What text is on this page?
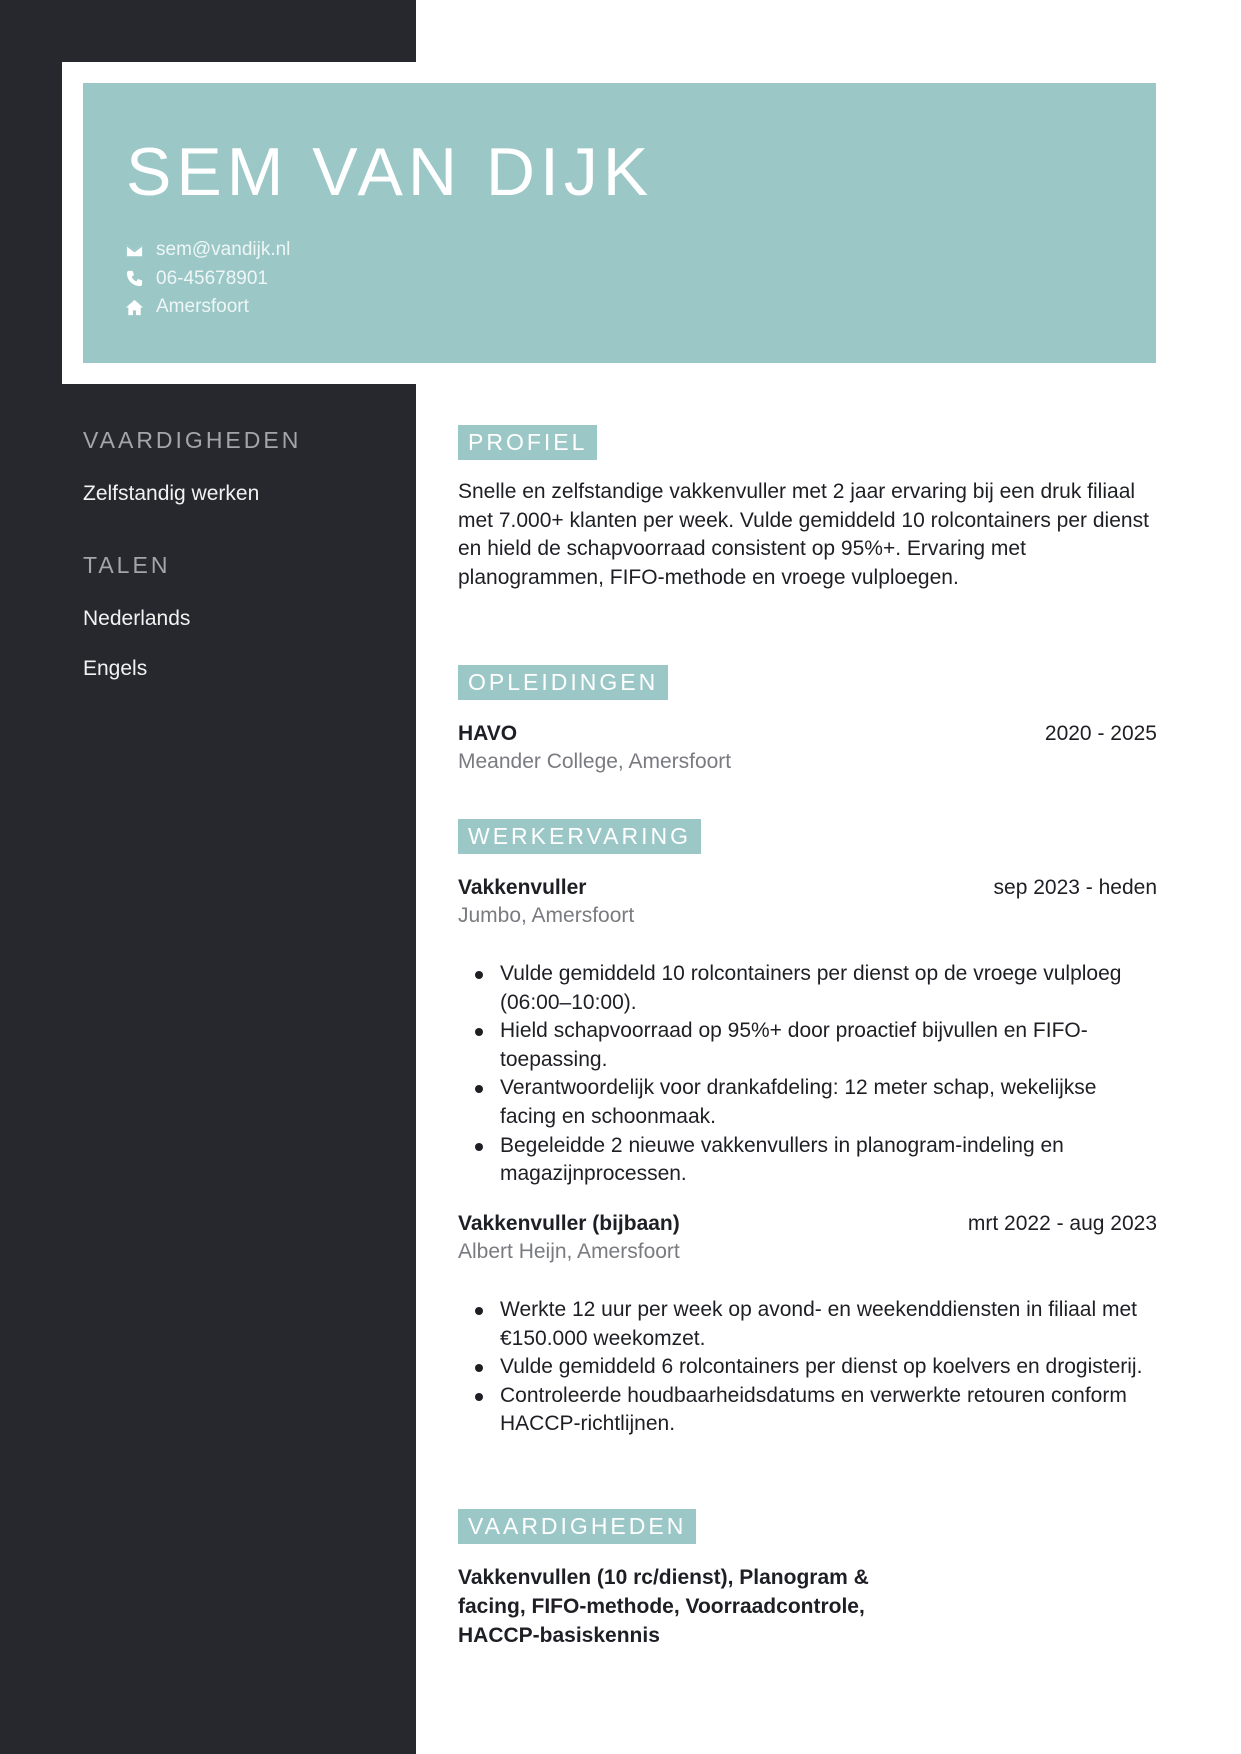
SEM VAN DIJK
sem@vandijk.nl
06-45678901
Amersfoort
VAARDIGHEDEN

Zelfstandig werken

TALEN

Nederlands

Engels

PROFIEL

Snelle en zelfstandige vakkenvuller met 2 jaar ervaring bij een druk filiaal met 7.000+ klanten per week. Vulde gemiddeld 10 rolcontainers per dienst en hield de schapvoorraad consistent op 95%+. Ervaring met planogrammen, FIFO-methode en vroege vulploegen.

OPLEIDINGEN

HAVO	2020 - 2025

Meander College, Amersfoort

WERKERVARING

Vakkenvuller	sep 2023 - heden

Jumbo, Amersfoort

Vulde gemiddeld 10 rolcontainers per dienst op de vroege vulploeg (06:00–10:00).
Hield schapvoorraad op 95%+ door proactief bijvullen en FIFO-toepassing.
Verantwoordelijk voor drankafdeling: 12 meter schap, wekelijkse facing en schoonmaak.
Begeleidde 2 nieuwe vakkenvullers in planogram-indeling en magazijnprocessen.

Vakkenvuller (bijbaan)	mrt 2022 - aug 2023

Albert Heijn, Amersfoort

Werkte 12 uur per week op avond- en weekenddiensten in filiaal met €150.000 weekomzet.
Vulde gemiddeld 6 rolcontainers per dienst op koelvers en drogisterij.
Controleerde houdbaarheidsdatums en verwerkte retouren conform HACCP-richtlijnen.
VAARDIGHEDEN

Vakkenvullen (10 rc/dienst), Planogram & facing, FIFO-methode, Voorraadcontrole, HACCP-basiskennis
